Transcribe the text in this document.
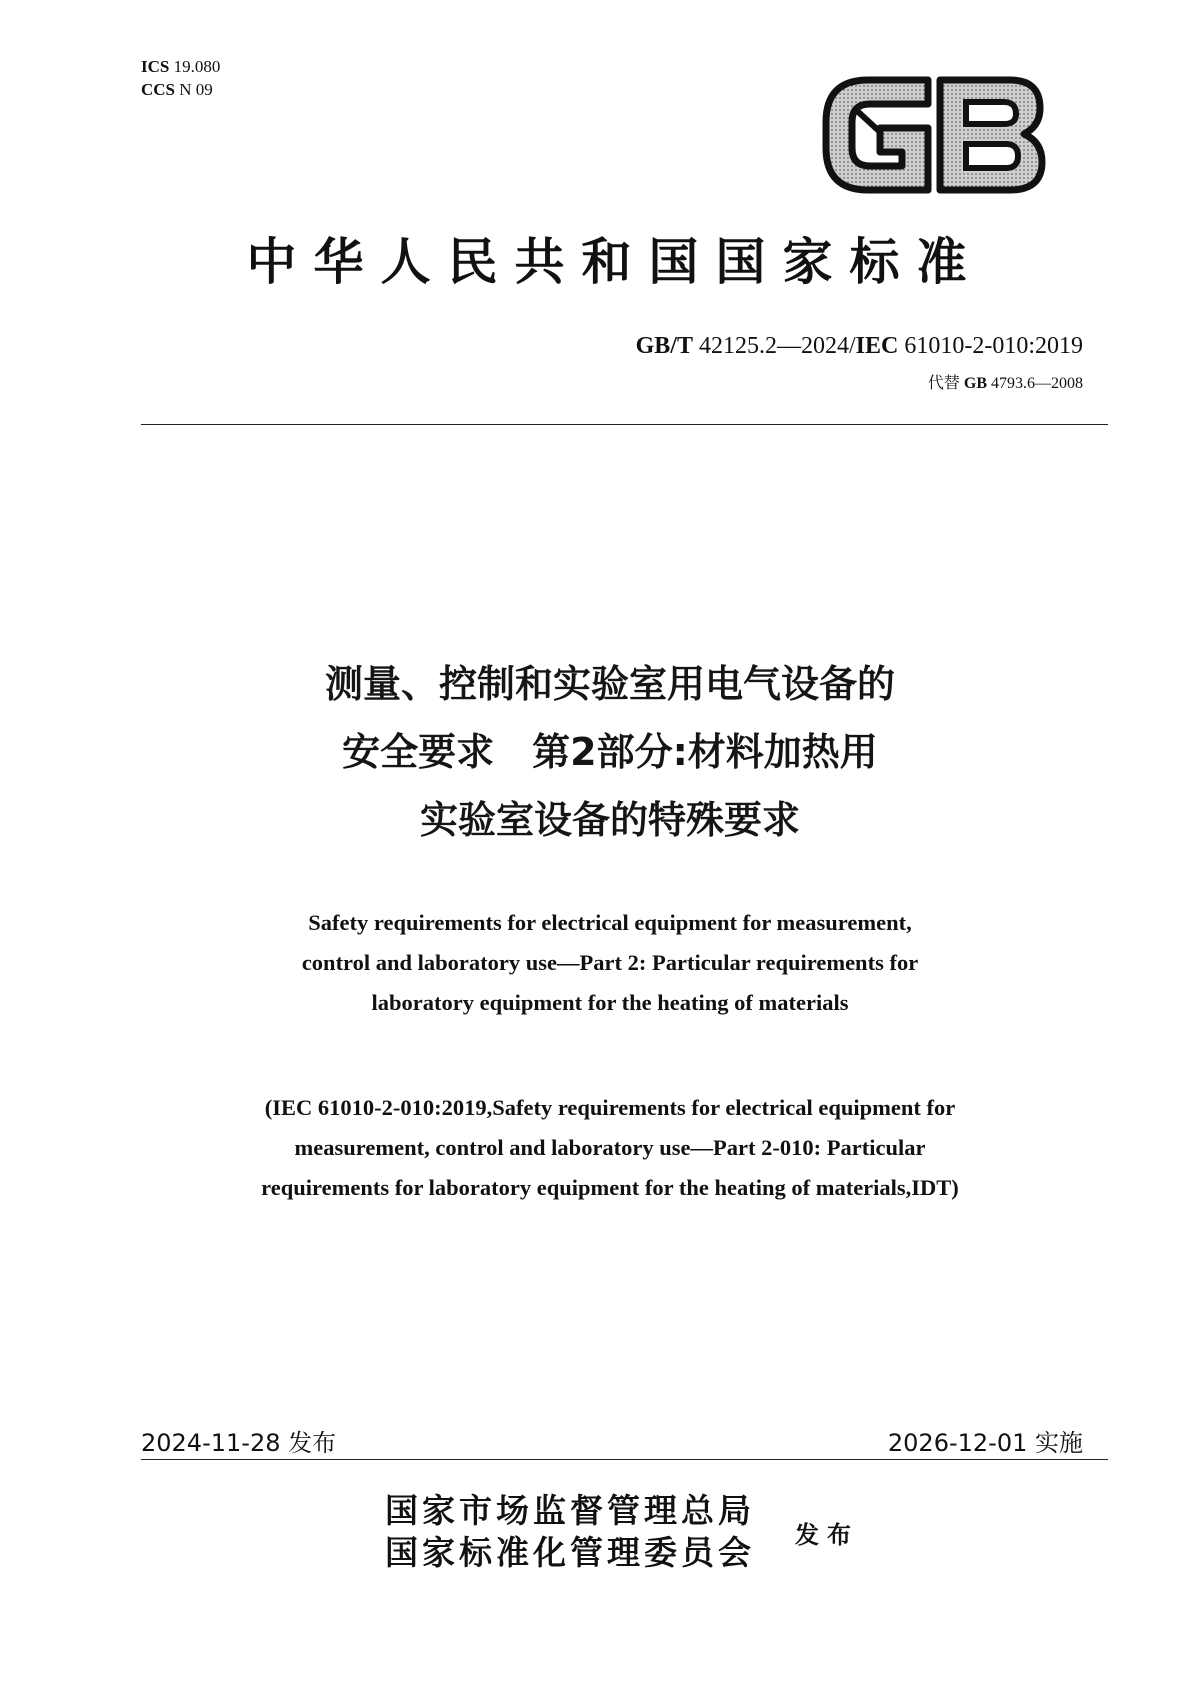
ICS 19.080
CCS N 09
中华人民共和国国家标准
GB/T 42125.2—2024/IEC 61010-2-010:2019
代替 GB 4793.6—2008
测量、控制和实验室用电气设备的
安全要求　第2部分:材料加热用
实验室设备的特殊要求
Safety requirements for electrical equipment for measurement,
control and laboratory use—Part 2: Particular requirements for
laboratory equipment for the heating of materials
(IEC 61010-2-010:2019,Safety requirements for electrical equipment for
measurement, control and laboratory use—Part 2-010: Particular
requirements for laboratory equipment for the heating of materials,IDT)
2024-11-28 发布	2026-12-01 实施
国家市场监督管理总局
国家标准化管理委员会 发布
